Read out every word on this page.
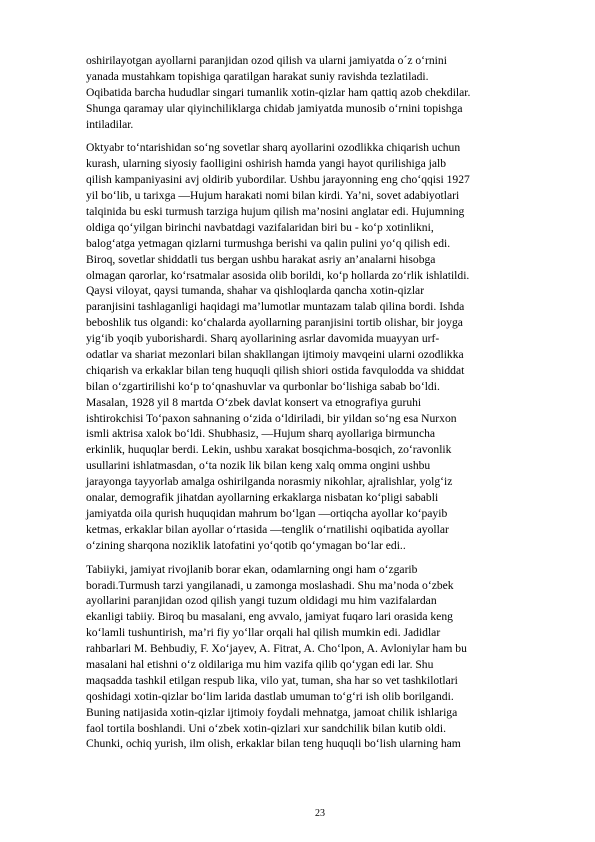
oshirilayotgan ayollarni paranjidan ozod qilish va ularni jamiyatda o´z o‘rnini
yanada mustahkam topishiga qaratilgan harakat suniy ravishda tezlatiladi.
Oqibatida barcha hududlar singari tumanlik xotin-qizlar ham qattiq azob chekdilar.
Shunga qaramay ular qiyinchiliklarga chidab jamiyatda munosib o‘rnini topishga
intiladilar.
Oktyabr to‘ntarishidan so‘ng sovetlar sharq ayollarini ozodlikka chiqarish uchun
kurash, ularning siyosiy faolligini oshirish hamda yangi hayot qurilishiga jalb
qilish kampaniyasini avj oldirib yubordilar. Ushbu jarayonning eng cho‘qqisi 1927
yil bo‘lib, u tarixga ―Hujum harakati nomi bilan kirdi. Ya’ni, sovet adabiyotlari
talqinida bu eski turmush tarziga hujum qilish ma’nosini anglatar edi. Hujumning
oldiga qo‘yilgan birinchi navbatdagi vazifalaridan biri bu - ko‘p xotinlikni,
balog‘atga yetmagan qizlarni turmushga berishi va qalin pulini yo‘q qilish edi.
Biroq, sovetlar shiddatli tus bergan ushbu harakat asriy an’analarni hisobga
olmagan qarorlar, ko‘rsatmalar asosida olib borildi, ko‘p hollarda zo‘rlik ishlatildi.
Qaysi viloyat, qaysi tumanda, shahar va qishloqlarda qancha xotin-qizlar
paranjisini tashlaganligi haqidagi ma’lumotlar muntazam talab qilina bordi. Ishda
beboshlik tus olgandi: ko‘chalarda ayollarning paranjisini tortib olishar, bir joyga
yig‘ib yoqib yuborishardi. Sharq ayollarining asrlar davomida muayyan urf-
odatlar va shariat mezonlari bilan shakllangan ijtimoiy mavqeini ularni ozodlikka
chiqarish va erkaklar bilan teng huquqli qilish shiori ostida favqulodda va shiddat
bilan o‘zgartirilishi ko‘p to‘qnashuvlar va qurbonlar bo‘lishiga sabab bo‘ldi.
Masalan, 1928 yil 8 martda O‘zbek davlat konsert va etnografiya guruhi
ishtirokchisi To‘paxon sahnaning o‘zida o‘ldiriladi, bir yildan so‘ng esa Nurxon
ismli aktrisa xalok bo‘ldi. Shubhasiz, ―Hujum sharq ayollariga birmuncha
erkinlik, huquqlar berdi. Lekin, ushbu xarakat bosqichma-bosqich, zo‘ravonlik
usullarini ishlatmasdan, o‘ta nozik lik bilan keng xalq omma ongini ushbu
jarayonga tayyorlab amalga oshirilganda norasmiy nikohlar, ajralishlar, yolg‘iz
onalar, demografik jihatdan ayollarning erkaklarga nisbatan ko‘pligi sababli
jamiyatda oila qurish huquqidan mahrum bo‘lgan ―ortiqcha ayollar ko‘payib
ketmas, erkaklar bilan ayollar o‘rtasida ―tenglik o‘rnatilishi oqibatida ayollar
o‘zining sharqona noziklik latofatini yo‘qotib qo‘ymagan bo‘lar edi..
Tabiiyki, jamiyat rivojlanib borar ekan, odamlarning ongi ham o‘zgarib
boradi.Turmush tarzi yangilanadi, u zamonga moslashadi. Shu ma’noda o‘zbek
ayollarini paranjidan ozod qilish yangi tuzum oldidagi mu him vazifalardan
ekanligi tabiiy. Biroq bu masalani, eng avvalo, jamiyat fuqaro lari orasida keng
ko‘lamli tushuntirish, ma’ri fiy yo‘llar orqali hal qilish mumkin edi. Jadidlar
rahbarlari M. Behbudiy, F. Xo‘jayev, A. Fitrat, A. Cho‘lpon, A. Avloniylar ham bu
masalani hal etishni o‘z oldilariga mu him vazifa qilib qo‘ygan edi lar. Shu
maqsadda tashkil etilgan respub lika, vilo yat, tuman, sha har so vet tashkilotlari
qoshidagi xotin-qizlar bo‘lim larida dastlab umuman to‘g‘ri ish olib borilgandi.
Buning natijasida xotin-qizlar ijtimoiy foydali mehnatga, jamoat chilik ishlariga
faol tortila boshlandi. Uni o‘zbek xotin-qizlari xur sandchilik bilan kutib oldi.
Chunki, ochiq yurish, ilm olish, erkaklar bilan teng huquqli bo‘lish ularning ham
23
